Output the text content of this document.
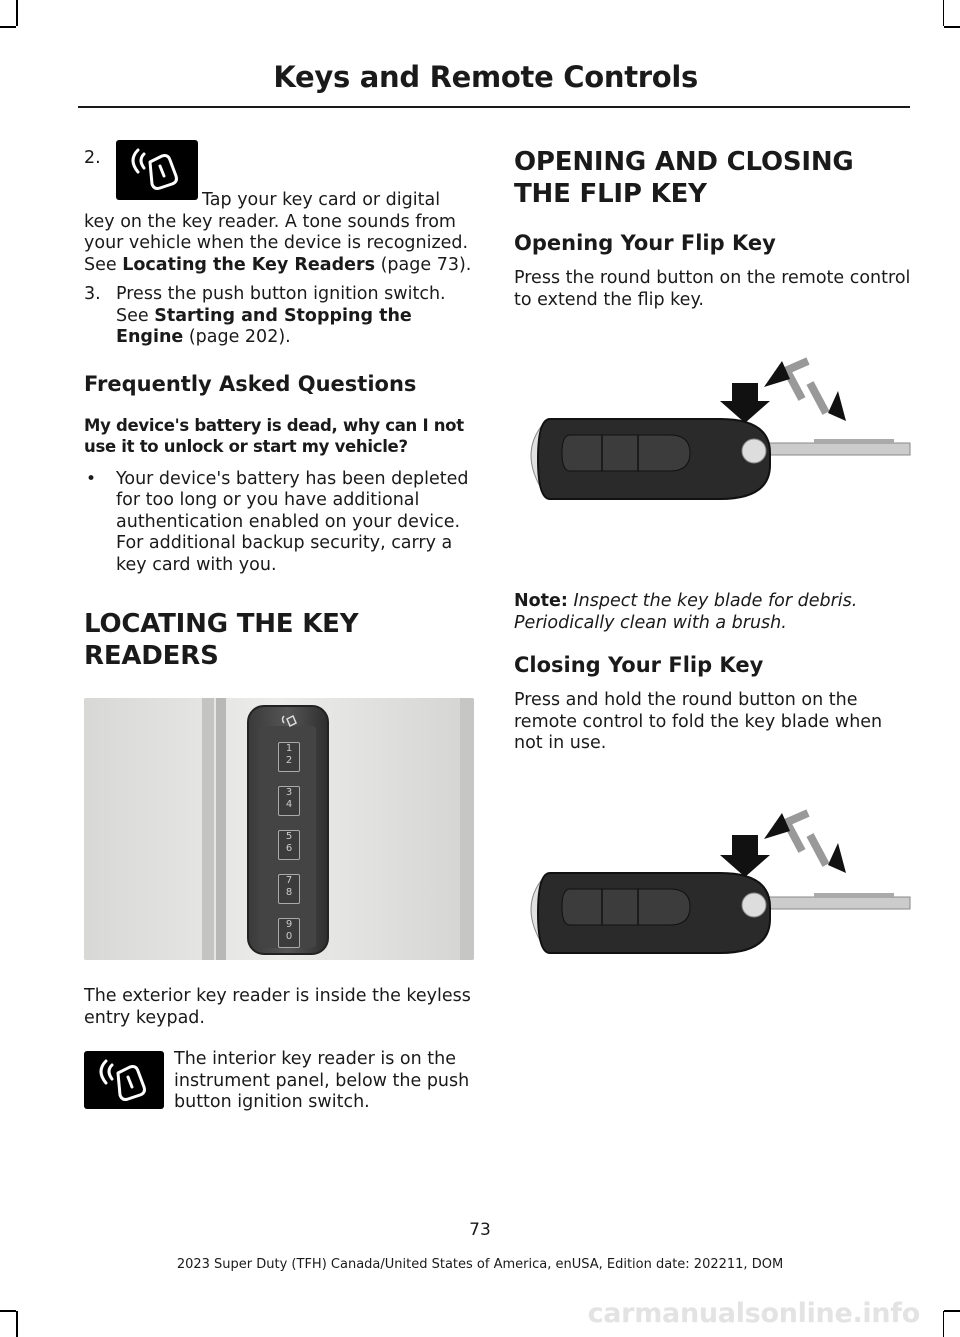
Keys and Remote Controls
2.

Tap your key card or digital key on the key reader. A tone sounds from your vehicle when the device is recognized. See Locating the Key Readers (page 73).

3. Press the push button ignition switch. See Starting and Stopping the Engine (page 202).

Frequently Asked Questions
My device's battery is dead, why can I not use it to unlock or start my vehicle?
• Your device's battery has been depleted for too long or you have additional authentication enabled on your device. For additional backup security, carry a key card with you.

LOCATING THE KEY READERS
1 2
3 4
5 6
7 8
9 0

The exterior key reader is inside the keyless entry keypad.

The interior key reader is on the instrument panel, below the push button ignition switch.

OPENING AND CLOSING THE FLIP KEY
Opening Your Flip Key

Press the round button on the remote control to extend the flip key.

Note: Inspect the key blade for debris. Periodically clean with a brush.

Closing Your Flip Key

Press and hold the round button on the remote control to fold the key blade when not in use.

73
2023 Super Duty (TFH) Canada/United States of America, enUSA, Edition date: 202211, DOM
carmanualsonline.info
